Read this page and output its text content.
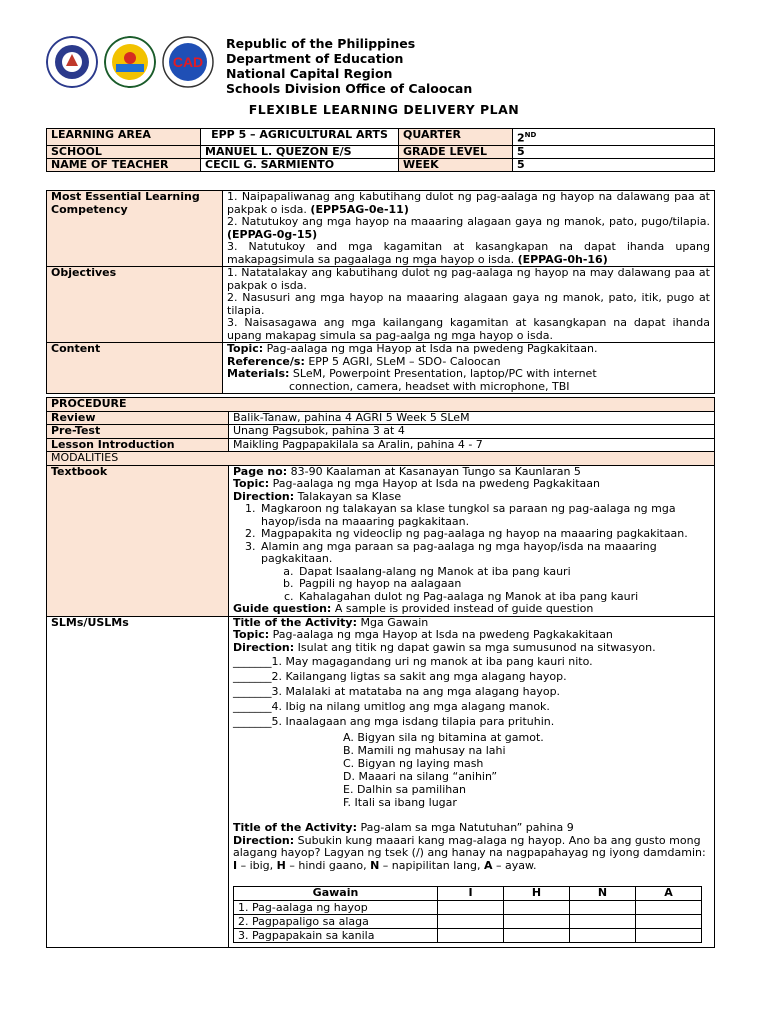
CAD
Republic of the Philippines
Department of Education
National Capital Region
Schools Division Office of Caloocan
FLEXIBLE LEARNING DELIVERY PLAN
LEARNING AREA	EPP 5 – AGRICULTURAL ARTS	QUARTER	2ND
SCHOOL	MANUEL L. QUEZON E/S	GRADE LEVEL	5
NAME OF TEACHER	CECIL G. SARMIENTO	WEEK	5
Most Essential Learning Competency	1. Naipapaliwanag ang kabutihang dulot ng pag-aalaga ng hayop na dalawang paa at pakpak o isda. (EPP5AG-0e-11)
2. Natutukoy ang mga hayop na maaaring alagaan gaya ng manok, pato, pugo/tilapia. (EPPAG-0g-15)
3. Natutukoy and mga kagamitan at kasangkapan na dapat ihanda upang makapagsimula sa pagaalaga ng mga hayop o isda. (EPPAG-0h-16)

Objectives	1. Natatalakay ang kabutihang dulot ng pag-aalaga ng hayop na may dalawang paa at pakpak o isda.
2. Nasusuri ang mga hayop na maaaring alagaan gaya ng manok, pato, itik, pugo at tilapia.
3. Naisasagawa ang mga kailangang kagamitan at kasangkapan na dapat ihanda upang makapag simula sa pag-aalga ng mga hayop o isda.

Content	Topic: Pag-aalaga ng mga Hayop at Isda na pwedeng Pagkakitaan.
Reference/s: EPP 5 AGRI, SLeM – SDO- Caloocan
Materials: SLeM, Powerpoint Presentation, laptop/PC with internet
connection, camera, headset with microphone, TBI
PROCEDURE
Review	Balik-Tanaw, pahina 4 AGRI 5 Week 5 SLeM
Pre-Test	Unang Pagsubok, pahina 3 at 4
Lesson Introduction	Maikling Pagpapakilala sa Aralin, pahina 4 - 7
MODALITIES
Textbook	Page no: 83-90 Kaalaman at Kasanayan Tungo sa Kaunlaran 5
Topic: Pag-aalaga ng mga Hayop at Isda na pwedeng Pagkakitaan
Direction: Talakayan sa Klase
1. Magkaroon ng talakayan sa klase tungkol sa paraan ng pag-aalaga ng mga hayop/isda na maaaring pagkakitaan.
2. Magpapakita ng videoclip ng pag-aalaga ng hayop na maaaring pagkakitaan.
3. Alamin ang mga paraan sa pag-aalaga ng mga hayop/isda na maaaring pagkakitaan.
a. Dapat Isaalang-alang ng Manok at iba pang kauri
b. Pagpili ng hayop na aalagaan
c. Kahalagahan dulot ng Pag-aalaga ng Manok at iba pang kauri
Guide question: A sample is provided instead of guide question

SLMs/USLMs	Title of the Activity: Mga Gawain
Topic: Pag-aalaga ng mga Hayop at Isda na pwedeng Pagkakakitaan
Direction: Isulat ang titik ng dapat gawin sa mga sumusunod na sitwasyon.
_______1. May magagandang uri ng manok at iba pang kauri nito.
_______2. Kailangang ligtas sa sakit ang mga alagang hayop.
_______3. Malalaki at matataba na ang mga alagang hayop.
_______4. Ibig na nilang umitlog ang mga alagang manok.
_______5. Inaalagaan ang mga isdang tilapia para prituhin.
A. Bigyan sila ng bitamina at gamot.
B. Mamili ng mahusay na lahi
C. Bigyan ng laying mash
D. Maaari na silang “anihin”
E. Dalhin sa pamilihan
F. Itali sa ibang lugar
Title of the Activity: Pag-alam sa mga Natutuhan” pahina 9
Direction: Subukin kung maaari kang mag-alaga ng hayop. Ano ba ang gusto mong alagang hayop? Lagyan ng tsek (/) ang hanay na nagpapahayag ng iyong damdamin: I – ibig, H – hindi gaano, N – napipilitan lang, A – ayaw.
Gawain	I	H	N	A
1. Pag-aalaga ng hayop				
2. Pagpapaligo sa alaga				
3. Pagpapakain sa kanila				
